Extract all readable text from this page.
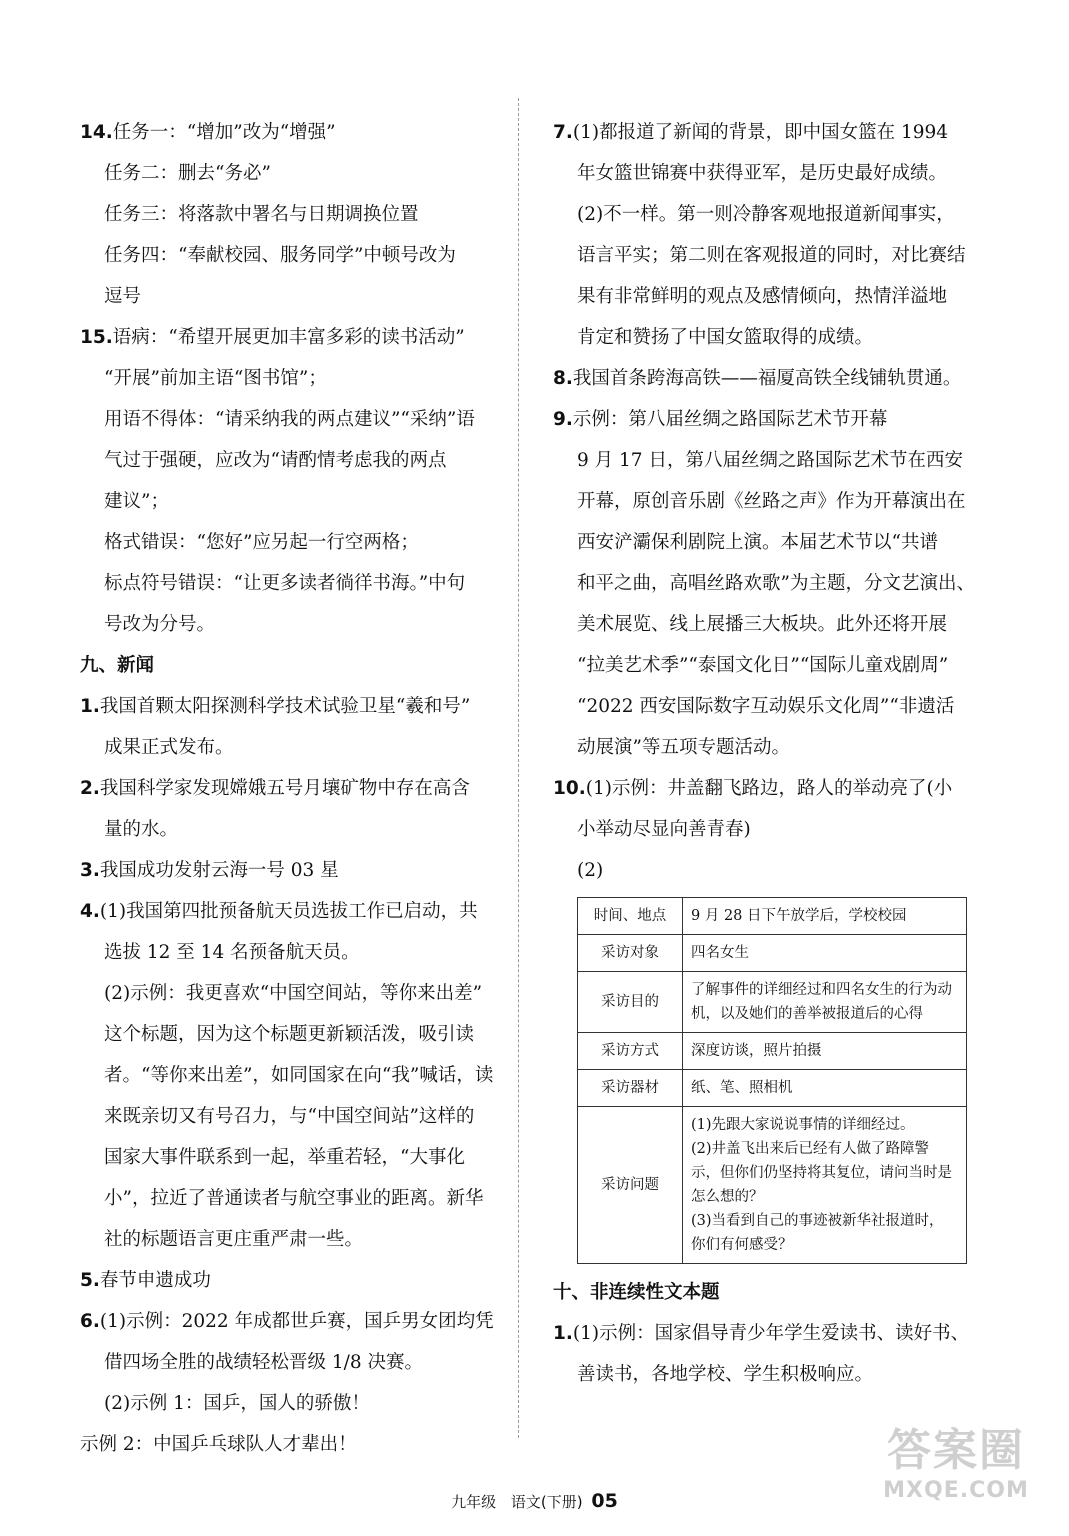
14.任务一：“增加”改为“增强”

任务二：删去“务必”

任务三：将落款中署名与日期调换位置

任务四：“奉献校园、服务同学”中顿号改为

逗号

15.语病：“希望开展更加丰富多彩的读书活动”

“开展”前加主语“图书馆”；

用语不得体：“请采纳我的两点建议”“采纳”语

气过于强硬，应改为“请酌情考虑我的两点

建议”；

格式错误：“您好”应另起一行空两格；

标点符号错误：“让更多读者徜徉书海。”中句

号改为分号。

九、新闻

1.我国首颗太阳探测科学技术试验卫星“羲和号”

成果正式发布。

2.我国科学家发现嫦娥五号月壤矿物中存在高含

量的水。

3.我国成功发射云海一号 03 星

4.(1)我国第四批预备航天员选拔工作已启动，共

选拔 12 至 14 名预备航天员。

(2)示例：我更喜欢“中国空间站，等你来出差”

这个标题，因为这个标题更新颖活泼，吸引读

者。“等你来出差”，如同国家在向“我”喊话，读

来既亲切又有号召力，与“中国空间站”这样的

国家大事件联系到一起，举重若轻，“大事化

小”，拉近了普通读者与航空事业的距离。新华

社的标题语言更庄重严肃一些。

5.春节申遗成功

6.(1)示例：2022 年成都世乒赛，国乒男女团均凭

借四场全胜的战绩轻松晋级 1/8 决赛。

(2)示例 1：国乒，国人的骄傲！

示例 2：中国乒乓球队人才辈出！

7.(1)都报道了新闻的背景，即中国女篮在 1994

年女篮世锦赛中获得亚军，是历史最好成绩。

(2)不一样。第一则冷静客观地报道新闻事实，

语言平实；第二则在客观报道的同时，对比赛结

果有非常鲜明的观点及感情倾向，热情洋溢地

肯定和赞扬了中国女篮取得的成绩。

8.我国首条跨海高铁——福厦高铁全线铺轨贯通。

9.示例：第八届丝绸之路国际艺术节开幕

9 月 17 日，第八届丝绸之路国际艺术节在西安

开幕，原创音乐剧《丝路之声》作为开幕演出在

西安浐灞保利剧院上演。本届艺术节以“共谱

和平之曲，高唱丝路欢歌”为主题，分文艺演出、

美术展览、线上展播三大板块。此外还将开展

“拉美艺术季”“泰国文化日”“国际儿童戏剧周”

“2022 西安国际数字互动娱乐文化周”“非遗活

动展演”等五项专题活动。

10.(1)示例：井盖翻飞路边，路人的举动亮了(小

小举动尽显向善青春)

(2)

时间、地点	9 月 28 日下午放学后，学校校园
采访对象	四名女生
采访目的	了解事件的详细经过和四名女生的行为动机，以及她们的善举被报道后的心得
采访方式	深度访谈，照片拍摄
采访器材	纸、笔、照相机
采访问题	(1)先跟大家说说事情的详细经过。
(2)井盖飞出来后已经有人做了路障警示，但你们仍坚持将其复位，请问当时是怎么想的？
(3)当看到自己的事迹被新华社报道时，你们有何感受？

十、非连续性文本题

1.(1)示例：国家倡导青少年学生爱读书、读好书、

善读书，各地学校、学生积极响应。

九年级 语文(下册) 05
答案圈
MXQE.COM
